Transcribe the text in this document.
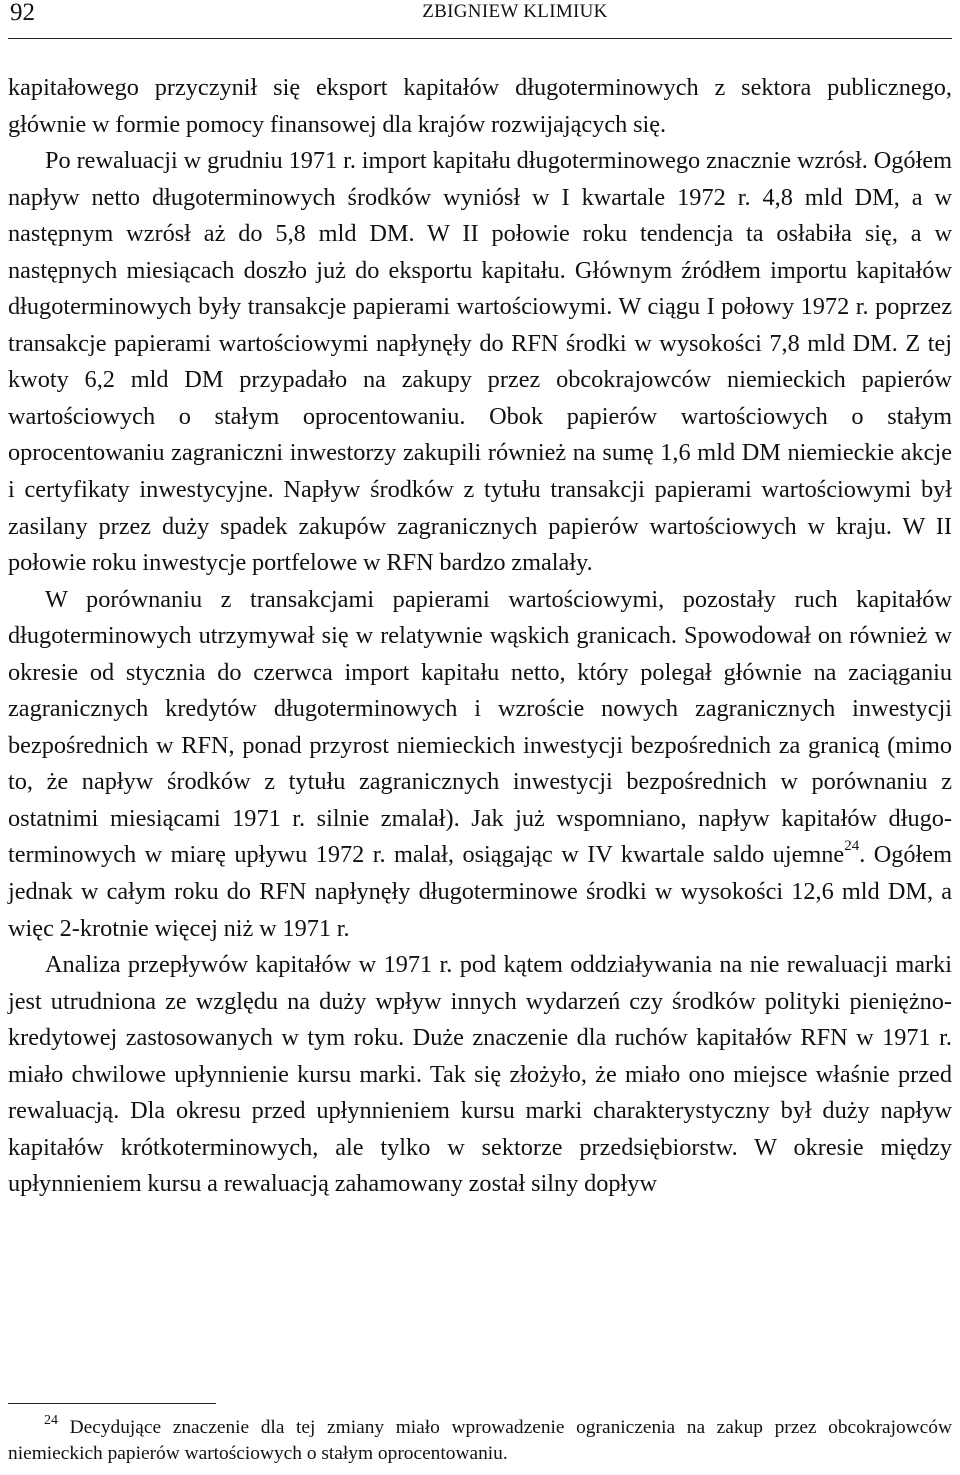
92	ZBIGNIEW KLIMIUK

kapitałowego przyczynił się eksport kapitałów długoterminowych z sektora publicznego, głównie w formie pomocy finansowej dla krajów rozwijających się.

Po rewaluacji w grudniu 1971 r. import kapitału długoterminowego znacznie wzrósł. Ogółem napływ netto długoterminowych środków wyniósł w I kwartale 1972 r. 4,8 mld DM, a w następnym wzrósł aż do 5,8 mld DM. W II połowie roku tendencja ta osłabiła się, a w następnych miesiącach doszło już do eksportu kapitału. Głównym źródłem importu kapitałów długoterminowych były transakcje papierami wartościowymi. W ciągu I połowy 1972 r. poprzez transakcje papierami wartościowymi napłynęły do RFN środki w wysokości 7,8 mld DM. Z tej kwoty 6,2 mld DM przypadało na zakupy przez obcokrajowców niemieckich papierów wartościowych o stałym oprocentowaniu. Obok papierów wartościowych o stałym oprocentowaniu zagraniczni inwestorzy zakupili również na sumę 1,6 mld DM niemieckie akcje i certyfikaty inwestycyjne. Napływ środków z tytułu transakcji papierami wartościowymi był zasilany przez duży spadek zakupów zagranicznych papierów wartościowych w kraju. W II połowie roku inwestycje portfelowe w RFN bardzo zmalały.

W porównaniu z transakcjami papierami wartościowymi, pozostały ruch kapitałów długoterminowych utrzymywał się w relatywnie wąskich granicach. Spowodował on również w okresie od stycznia do czerwca import kapitału netto, który polegał głównie na zaciąganiu zagranicznych kredytów długoterminowych i wzroście nowych zagranicznych inwestycji bezpośrednich w RFN, ponad przyrost niemieckich inwestycji bezpośrednich za granicą (mimo to, że napływ środków z tytułu zagranicznych inwestycji bezpośrednich w porównaniu z ostatnimi miesiącami 1971 r. silnie zmalał). Jak już wspomniano, napływ kapitałów długoterminowych w miarę upływu 1972 r. malał, osiągając w IV kwartale saldo ujemne$^{24}$. Ogółem jednak w całym roku do RFN napłynęły długoterminowe środki w wysokości 12,6 mld DM, a więc 2-krotnie więcej niż w 1971 r.

Analiza przepływów kapitałów w 1971 r. pod kątem oddziaływania na nie rewaluacji marki jest utrudniona ze względu na duży wpływ innych wydarzeń czy środków polityki pieniężno-kredytowej zastosowanych w tym roku. Duże znaczenie dla ruchów kapitałów RFN w 1971 r. miało chwilowe upłynnienie kursu marki. Tak się złożyło, że miało ono miejsce właśnie przed rewaluacją. Dla okresu przed upłynnieniem kursu marki charakterystyczny był duży napływ kapitałów krótkoterminowych, ale tylko w sektorze przedsiębiorstw. W okresie między upłynnieniem kursu a rewaluacją zahamowany został silny dopływ

$^{24}$ Decydujące znaczenie dla tej zmiany miało wprowadzenie ograniczenia na zakup przez obcokrajowców niemieckich papierów wartościowych o stałym oprocentowaniu.
